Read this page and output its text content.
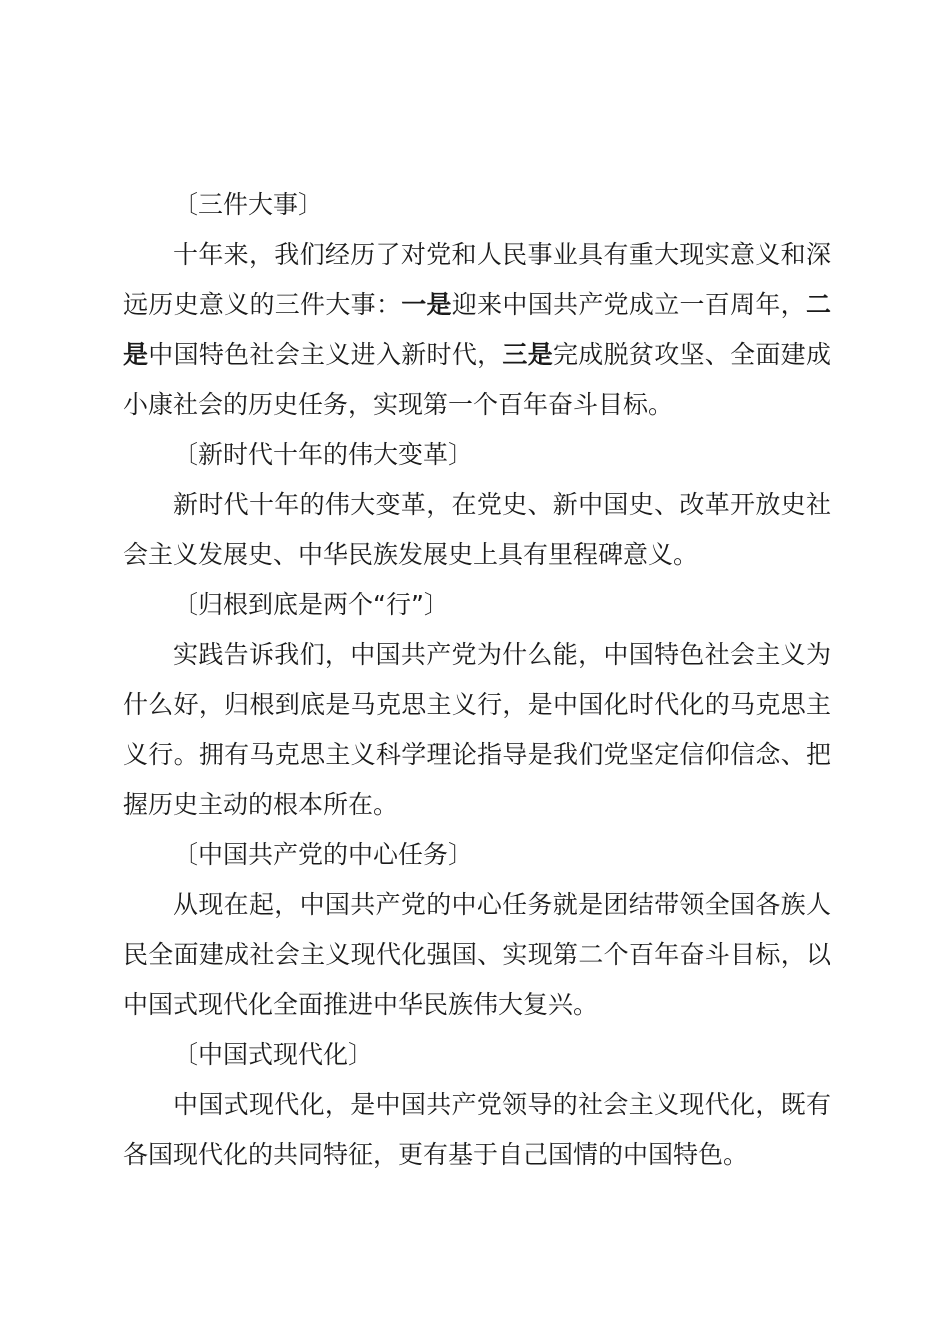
〔三件大事〕

十年来，我们经历了对党和人民事业具有重大现实意义和深远历史意义的三件大事：一是迎来中国共产党成立一百周年，二是中国特色社会主义进入新时代，三是完成脱贫攻坚、全面建成小康社会的历史任务，实现第一个百年奋斗目标。

〔新时代十年的伟大变革〕

新时代十年的伟大变革，在党史、新中国史、改革开放史社会主义发展史、中华民族发展史上具有里程碑意义。

〔归根到底是两个“行”〕

实践告诉我们，中国共产党为什么能，中国特色社会主义为什么好，归根到底是马克思主义行，是中国化时代化的马克思主义行。拥有马克思主义科学理论指导是我们党坚定信仰信念、把握历史主动的根本所在。

〔中国共产党的中心任务〕

从现在起，中国共产党的中心任务就是团结带领全国各族人民全面建成社会主义现代化强国、实现第二个百年奋斗目标，以中国式现代化全面推进中华民族伟大复兴。

〔中国式现代化〕

中国式现代化，是中国共产党领导的社会主义现代化，既有各国现代化的共同特征，更有基于自己国情的中国特色。
